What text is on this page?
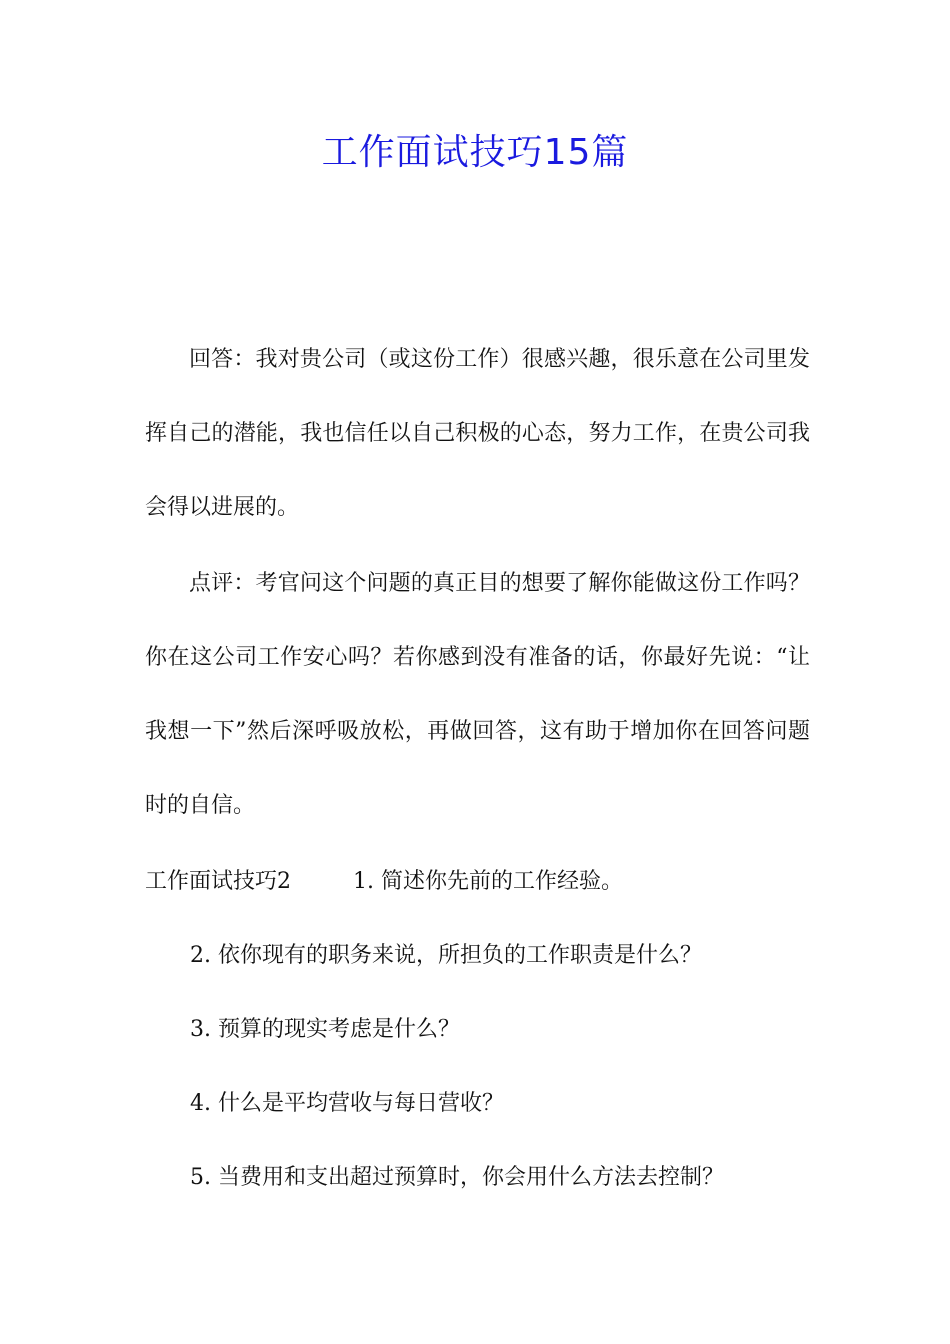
工作面试技巧15篇

回答：我对贵公司（或这份工作）很感兴趣，很乐意在公司里发挥自己的潜能，我也信任以自己积极的心态，努力工作，在贵公司我会得以进展的。

点评：考官问这个问题的真正目的想要了解你能做这份工作吗？你在这公司工作安心吗？若你感到没有准备的话，你最好先说：“让我想一下”然后深呼吸放松，再做回答，这有助于增加你在回答问题时的自信。

工作面试技巧2	1. 简述你先前的工作经验。
2. 依你现有的职务来说，所担负的工作职责是什么？
3. 预算的现实考虑是什么？
4. 什么是平均营收与每日营收？
5. 当费用和支出超过预算时，你会用什么方法去控制？
